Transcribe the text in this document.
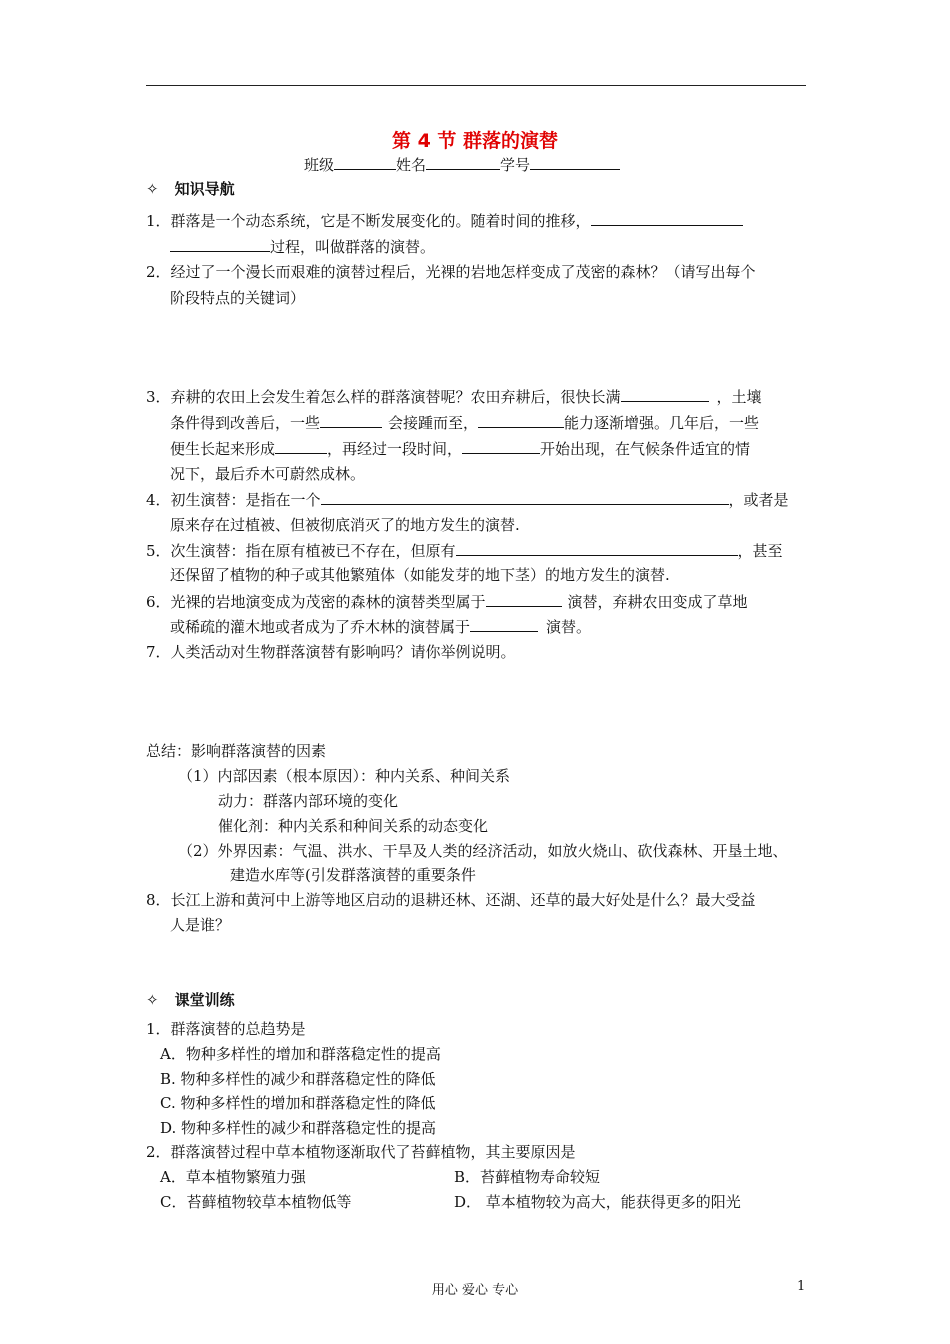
第 4 节 群落的演替
班级	姓名	学号
✧ 知识导航
1．群落是一个动态系统，它是不断发展变化的。随着时间的推移，
过程，叫做群落的演替。
2．经过了一个漫长而艰难的演替过程后，光裸的岩地怎样变成了茂密的森林？（请写出每个
阶段特点的关键词）
3．弃耕的农田上会发生着怎么样的群落演替呢？农田弃耕后，很快长满	，土壤
条件得到改善后，一些	会接踵而至，	能力逐渐增强。几年后，一些
便生长起来形成	，再经过一段时间，	开始出现，在气候条件适宜的情
况下，最后乔木可蔚然成林。
4．初生演替：是指在一个	，或者是
原来存在过植被、但被彻底消灭了的地方发生的演替.
5．次生演替：指在原有植被已不存在，但原有	，甚至
还保留了植物的种子或其他繁殖体（如能发芽的地下茎）的地方发生的演替.
6．光裸的岩地演变成为茂密的森林的演替类型属于	演替，弃耕农田变成了草地
或稀疏的灌木地或者成为了乔木林的演替属于	演替。
7．人类活动对生物群落演替有影响吗？请你举例说明。
总结：影响群落演替的因素
（1）内部因素（根本原因）：种内关系、种间关系
动力：群落内部环境的变化
催化剂：种内关系和种间关系的动态变化
（2）外界因素：气温、洪水、干旱及人类的经济活动，如放火烧山、砍伐森林、开垦土地、
建造水库等(引发群落演替的重要条件
8．长江上游和黄河中上游等地区启动的退耕还林、还湖、还草的最大好处是什么？最大受益
人是谁？
✧ 课堂训练
1．群落演替的总趋势是
A．物种多样性的增加和群落稳定性的提高
B. 物种多样性的减少和群落稳定性的降低
C. 物种多样性的增加和群落稳定性的降低
D. 物种多样性的减少和群落稳定性的提高
2．群落演替过程中草本植物逐渐取代了苔藓植物，其主要原因是
A．草本植物繁殖力强	B．苔藓植物寿命较短
C．苔藓植物较草本植物低等	D． 草本植物较为高大，能获得更多的阳光
用心 爱心 专心	1
